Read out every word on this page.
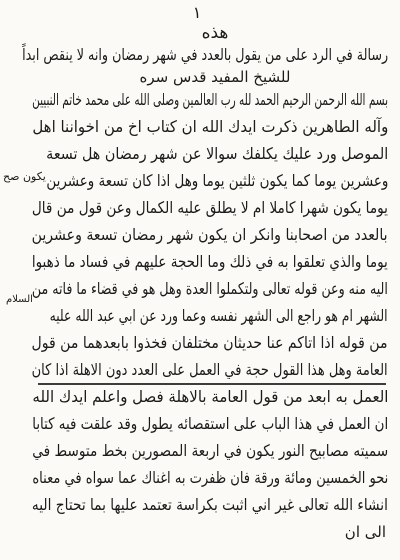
١
هذه
رسالة في الرد على من يقول بالعدد في شهر رمضان وانه لا ينقص ابداً
للشيخ المفيد قدس سره
بسم الله الرحمن الرحيم الحمد لله رب العالمين وصلى الله على محمد خاتم النبيين
وآله الطاهرين ذكرت ايدك الله ان كتاب اخ من اخواننا اهل
الموصل ورد عليك يكلفك سوالا عن شهر رمضان هل تسعة
وعشرين يوما كما يكون ثلثين يوما وهل اذا كان تسعة وعشرين
يوما يكون شهرا كاملا ام لا يطلق عليه الكمال وعن قول من قال
بالعدد من اصحابنا وانكر ان يكون شهر رمضان تسعة وعشرين
يوما والذي تعلقوا به في ذلك وما الحجة عليهم في فساد ما ذهبوا
اليه منه وعن قوله تعالى ولتكملوا العدة وهل هو في قضاء ما فاته من
الشهر ام هو راجع الى الشهر نفسه وعما ورد عن ابي عبد الله عليه
من قوله اذا اتاكم عنا حديثان مختلفان فخذوا بابعدهما من قول
العامة وهل هذا القول حجة في العمل على العدد دون الاهلة اذا كان
العمل به ابعد من قول العامة بالاهلة فصل واعلم ايدك الله
ان العمل في هذا الباب على استقصائه يطول وقد علقت فيه كتابا
سميته مصابيح النور يكون في اربعة المصورين بخط متوسط في
نحو الخمسين ومائة ورقة فان ظفرت به اغناك عما سواه في معناه
انشاء الله تعالى غير اني اثبت بكراسة تعتمد عليها بما تحتاج اليه
السلام
يكون صح
الى ان
